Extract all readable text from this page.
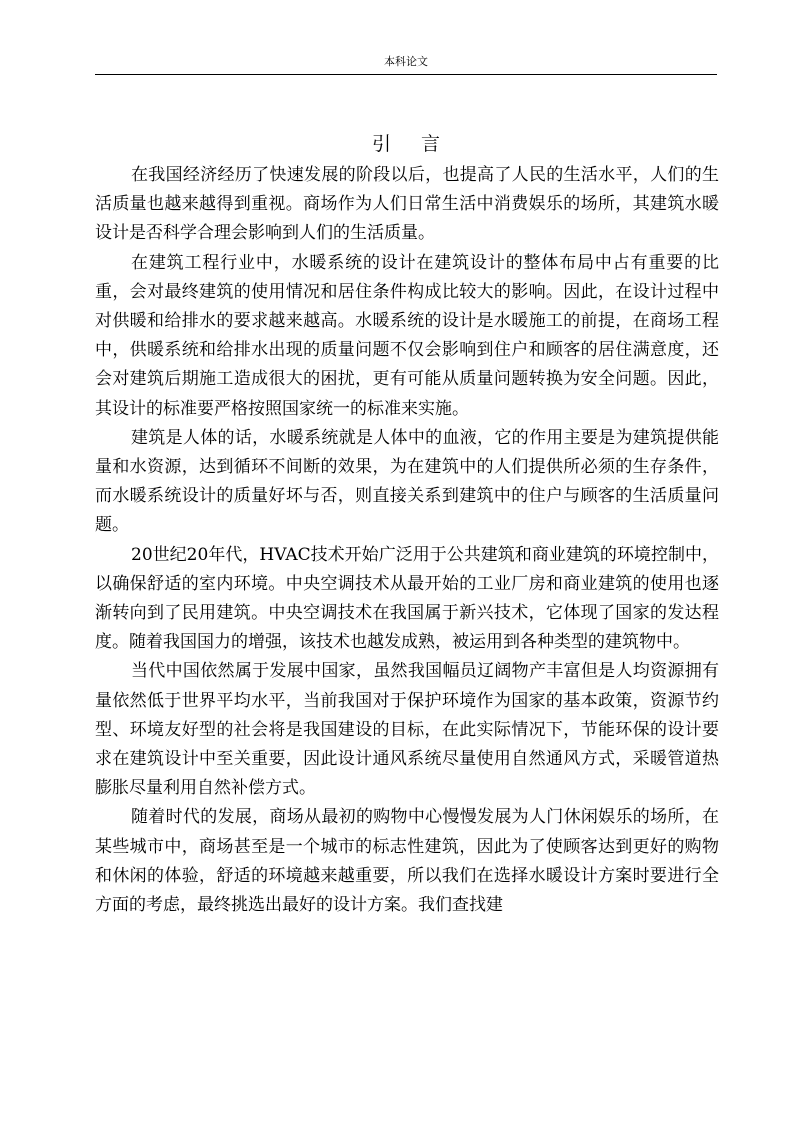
本科论文
引言

在我国经济经历了快速发展的阶段以后，也提高了人民的生活水平，人们的生活质量也越来越得到重视。商场作为人们日常生活中消费娱乐的场所，其建筑水暖设计是否科学合理会影响到人们的生活质量。

在建筑工程行业中，水暖系统的设计在建筑设计的整体布局中占有重要的比重，会对最终建筑的使用情况和居住条件构成比较大的影响。因此，在设计过程中对供暖和给排水的要求越来越高。水暖系统的设计是水暖施工的前提，在商场工程中，供暖系统和给排水出现的质量问题不仅会影响到住户和顾客的居住满意度，还会对建筑后期施工造成很大的困扰，更有可能从质量问题转换为安全问题。因此，其设计的标准要严格按照国家统一的标准来实施。

建筑是人体的话，水暖系统就是人体中的血液，它的作用主要是为建筑提供能量和水资源，达到循环不间断的效果，为在建筑中的人们提供所必须的生存条件，而水暖系统设计的质量好坏与否，则直接关系到建筑中的住户与顾客的生活质量问题。

20世纪20年代，HVAC技术开始广泛用于公共建筑和商业建筑的环境控制中，以确保舒适的室内环境。中央空调技术从最开始的工业厂房和商业建筑的使用也逐渐转向到了民用建筑。中央空调技术在我国属于新兴技术，它体现了国家的发达程度。随着我国国力的增强，该技术也越发成熟，被运用到各种类型的建筑物中。

当代中国依然属于发展中国家，虽然我国幅员辽阔物产丰富但是人均资源拥有量依然低于世界平均水平，当前我国对于保护环境作为国家的基本政策，资源节约型、环境友好型的社会将是我国建设的目标，在此实际情况下，节能环保的设计要求在建筑设计中至关重要，因此设计通风系统尽量使用自然通风方式，采暖管道热膨胀尽量利用自然补偿方式。

随着时代的发展，商场从最初的购物中心慢慢发展为人门休闲娱乐的场所，在某些城市中，商场甚至是一个城市的标志性建筑，因此为了使顾客达到更好的购物和休闲的体验，舒适的环境越来越重要，所以我们在选择水暖设计方案时要进行全方面的考虑，最终挑选出最好的设计方案。我们查找建
